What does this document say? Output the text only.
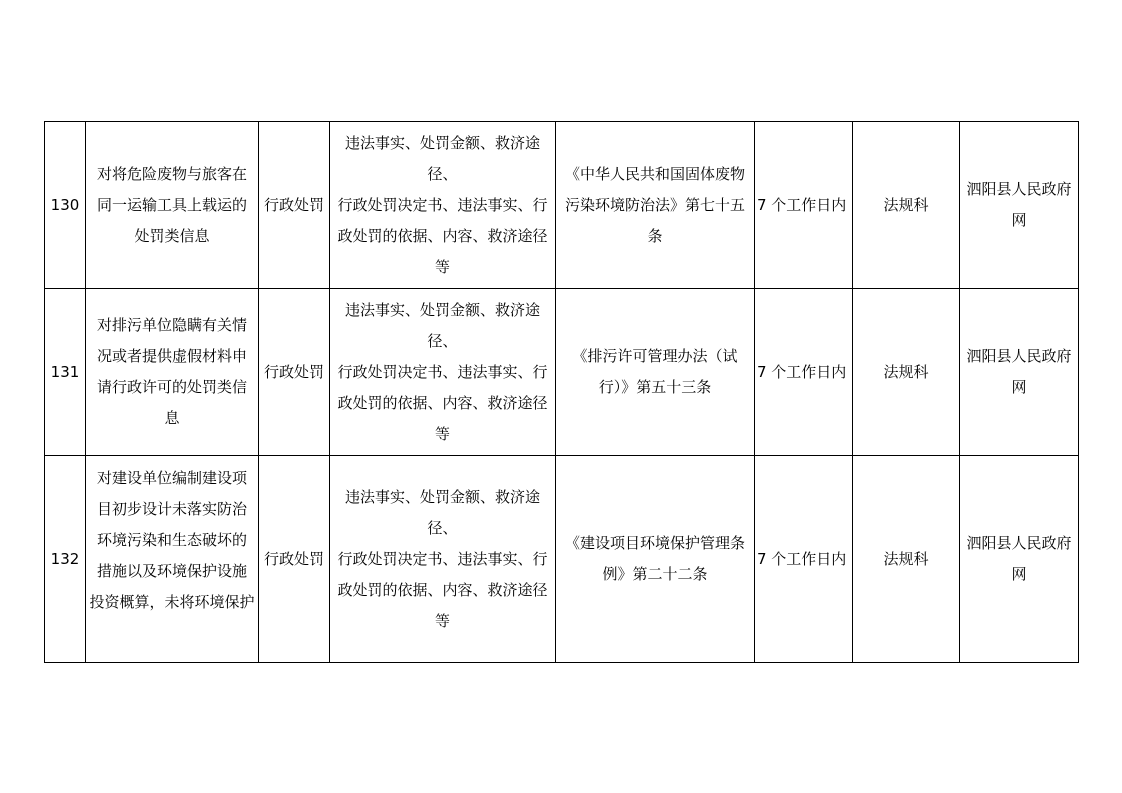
130	对将危险废物与旅客在
同一运输工具上载运的
处罚类信息	行政处罚	违法事实、处罚金额、救济途径、
行政处罚决定书、违法事实、行
政处罚的依据、内容、救济途径
等	《中华人民共和国固体废物
污染环境防治法》第七十五
条	7 个工作日内	法规科	泗阳县人民政府
网

131	对排污单位隐瞒有关情
况或者提供虚假材料申
请行政许可的处罚类信
息	行政处罚	违法事实、处罚金额、救济途径、
行政处罚决定书、违法事实、行
政处罚的依据、内容、救济途径
等	《排污许可管理办法（试
行）》第五十三条	7 个工作日内	法规科	泗阳县人民政府
网

132	对建设单位编制建设项
目初步设计未落实防治
环境污染和生态破坏的
措施以及环境保护设施
投资概算，未将环境保护	行政处罚	违法事实、处罚金额、救济途径、
行政处罚决定书、违法事实、行
政处罚的依据、内容、救济途径
等	《建设项目环境保护管理条
例》第二十二条	7 个工作日内	法规科	泗阳县人民政府
网
